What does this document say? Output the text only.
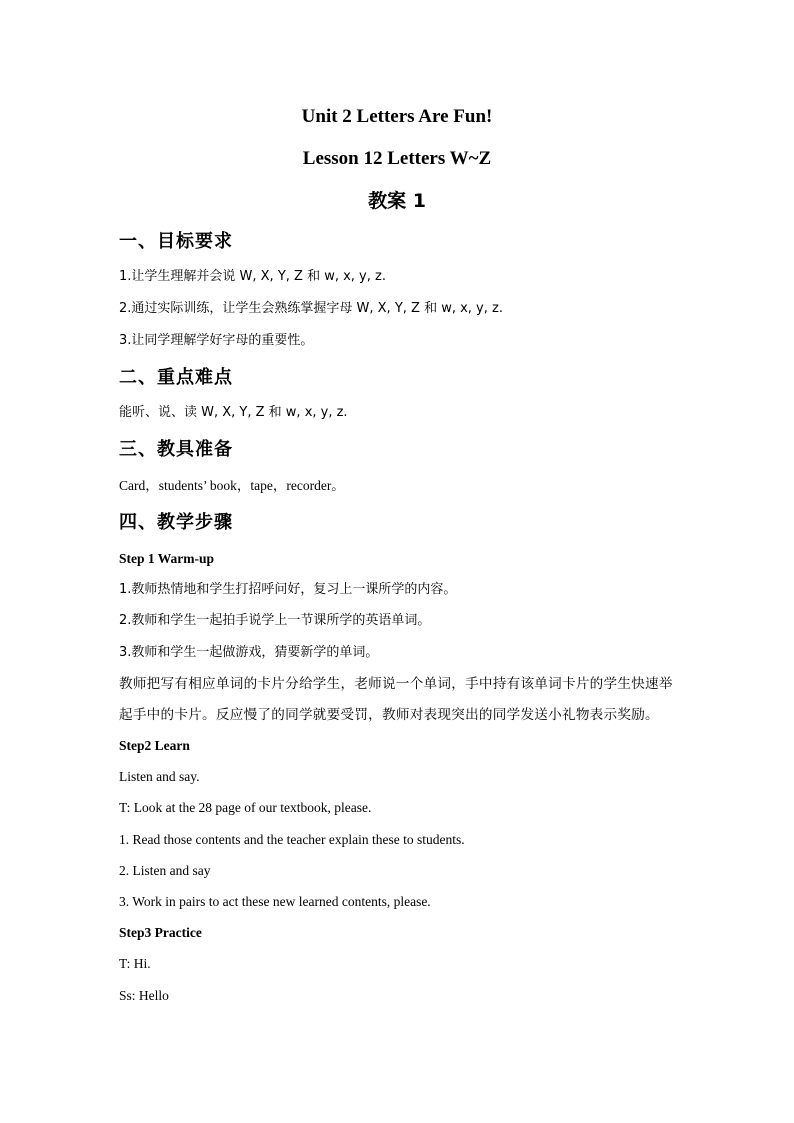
Unit 2 Letters Are Fun!
Lesson 12 Letters W~Z
教案 1
一、目标要求
1.让学生理解并会说 W, X, Y, Z 和 w, x, y, z.
2.通过实际训练，让学生会熟练掌握字母 W, X, Y, Z 和 w, x, y, z.
3.让同学理解学好字母的重要性。
二、重点难点
能听、说、读 W, X, Y, Z 和 w, x, y, z.
三、教具准备
Card，students’ book，tape，recorder。
四、教学步骤
Step 1 Warm-up
1.教师热情地和学生打招呼问好，复习上一课所学的内容。
2.教师和学生一起拍手说学上一节课所学的英语单词。
3.教师和学生一起做游戏，猜要新学的单词。
教师把写有相应单词的卡片分给学生，老师说一个单词，手中持有该单词卡片的学生快速举
起手中的卡片。反应慢了的同学就要受罚，教师对表现突出的同学发送小礼物表示奖励。
Step2 Learn
Listen and say.
T: Look at the 28 page of our textbook, please.
1. Read those contents and the teacher explain these to students.
2. Listen and say
3. Work in pairs to act these new learned contents, please.
Step3 Practice
T: Hi.
Ss: Hello
